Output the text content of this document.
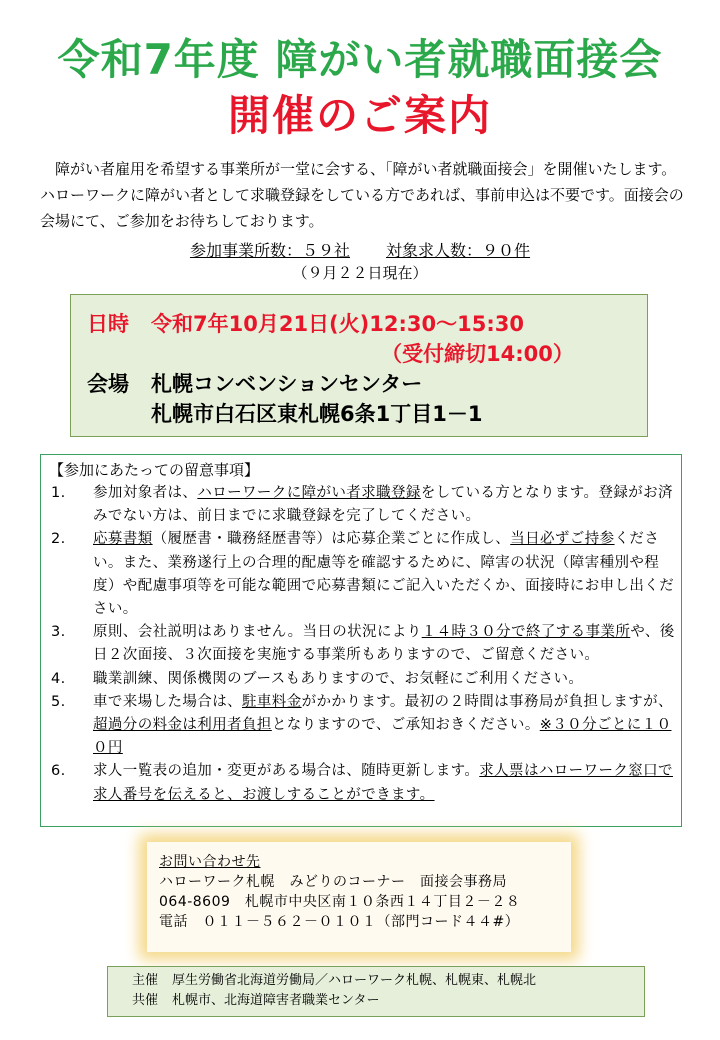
令和7年度 障がい者就職面接会
開催のご案内

障がい者雇用を希望する事業所が一堂に会する、「障がい者就職面接会」を開催いたします。ハローワークに障がい者として求職登録をしている方であれば、事前申込は不要です。面接会の会場にて、ご参加をお待ちしております。

参加事業所数：５９社 対象求人数：９０件
（９月２２日現在）
日時 令和7年10月21日(火)12:30～15:30
（受付締切14:00）
会場 札幌コンベンションセンター
札幌市白石区東札幌6条1丁目1－1
【参加にあたっての留意事項】
1. 参加対象者は、ハローワークに障がい者求職登録をしている方となります。登録がお済みでない方は、前日までに求職登録を完了してください。
2. 応募書類（履歴書・職務経歴書等）は応募企業ごとに作成し、当日必ずご持参ください。また、業務遂行上の合理的配慮等を確認するために、障害の状況（障害種別や程度）や配慮事項等を可能な範囲で応募書類にご記入いただくか、面接時にお申し出ください。
3. 原則、会社説明はありません。当日の状況により１４時３０分で終了する事業所や、後日２次面接、３次面接を実施する事業所もありますので、ご留意ください。
4. 職業訓練、関係機関のブースもありますので、お気軽にご利用ください。
5. 車で来場した場合は、駐車料金がかかります。最初の２時間は事務局が負担しますが、超過分の料金は利用者負担となりますので、ご承知おきください。※３０分ごとに１００円
6. 求人一覧表の追加・変更がある場合は、随時更新します。求人票はハローワーク窓口で求人番号を伝えると、お渡しすることができます。
お問い合わせ先
ハローワーク札幌　みどりのコーナー　面接会事務局
064-8609　札幌市中央区南１０条西１４丁目２－２８
電話　０１１－５６２－０１０１（部門コード４４#）
主催 厚生労働省北海道労働局／ハローワーク札幌、札幌東、札幌北
共催 札幌市、北海道障害者職業センター
